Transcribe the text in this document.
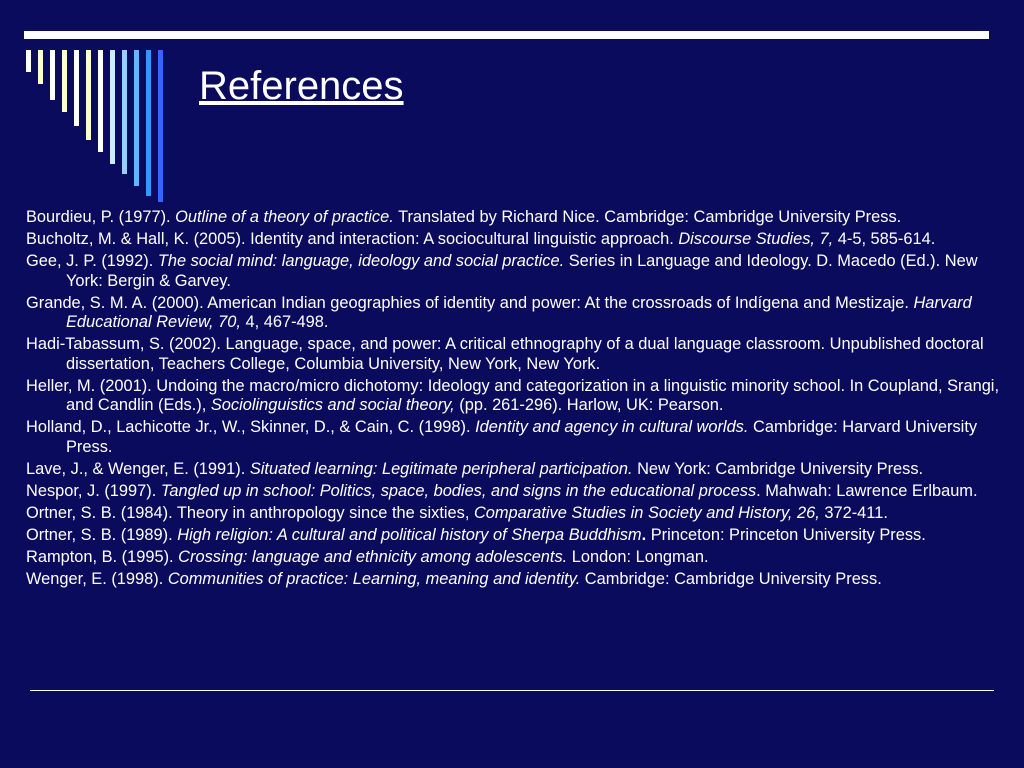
References

Bourdieu, P. (1977). Outline of a theory of practice. Translated by Richard Nice. Cambridge: Cambridge University Press.

Bucholtz, M. & Hall, K. (2005). Identity and interaction: A sociocultural linguistic approach. Discourse Studies, 7, 4-5, 585-614.

Gee, J. P. (1992). The social mind: language, ideology and social practice. Series in Language and Ideology. D. Macedo (Ed.). New York: Bergin & Garvey.

Grande, S. M. A. (2000). American Indian geographies of identity and power: At the crossroads of Indígena and Mestizaje. Harvard Educational Review, 70, 4, 467-498.

Hadi-Tabassum, S. (2002). Language, space, and power: A critical ethnography of a dual language classroom. Unpublished doctoral dissertation, Teachers College, Columbia University, New York, New York.

Heller, M. (2001). Undoing the macro/micro dichotomy: Ideology and categorization in a linguistic minority school. In Coupland, Srangi, and Candlin (Eds.), Sociolinguistics and social theory, (pp. 261-296). Harlow, UK: Pearson.

Holland, D., Lachicotte Jr., W., Skinner, D., & Cain, C. (1998). Identity and agency in cultural worlds. Cambridge: Harvard University Press.

Lave, J., & Wenger, E. (1991). Situated learning: Legitimate peripheral participation. New York: Cambridge University Press.

Nespor, J. (1997). Tangled up in school: Politics, space, bodies, and signs in the educational process. Mahwah: Lawrence Erlbaum.

Ortner, S. B. (1984). Theory in anthropology since the sixties, Comparative Studies in Society and History, 26, 372-411.

Ortner, S. B. (1989). High religion: A cultural and political history of Sherpa Buddhism. Princeton: Princeton University Press.

Rampton, B. (1995). Crossing: language and ethnicity among adolescents. London: Longman.

Wenger, E. (1998). Communities of practice: Learning, meaning and identity. Cambridge: Cambridge University Press.
